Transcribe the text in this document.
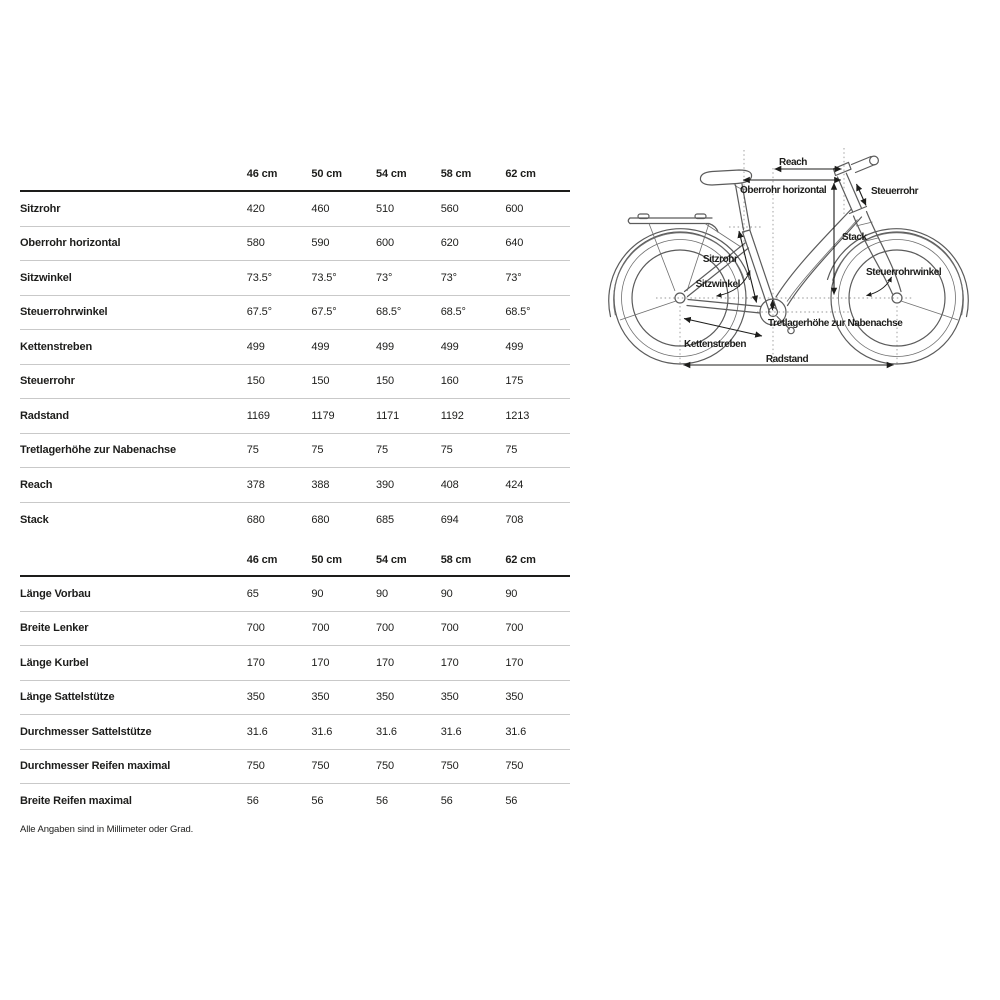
46 cm	50 cm	54 cm	58 cm	62 cm
Sitzrohr	420	460	510	560	600
Oberrohr horizontal	580	590	600	620	640
Sitzwinkel	73.5°	73.5°	73°	73°	73°
Steuerrohrwinkel	67.5°	67.5°	68.5°	68.5°	68.5°
Kettenstreben	499	499	499	499	499
Steuerrohr	150	150	150	160	175
Radstand	1169	1179	1171	1192	1213
Tretlagerhöhe zur Nabenachse	75	75	75	75	75
Reach	378	388	390	408	424
Stack	680	680	685	694	708
46 cm	50 cm	54 cm	58 cm	62 cm
Länge Vorbau	65	90	90	90	90
Breite Lenker	700	700	700	700	700
Länge Kurbel	170	170	170	170	170
Länge Sattelstütze	350	350	350	350	350
Durchmesser Sattelstütze	31.6	31.6	31.6	31.6	31.6
Durchmesser Reifen maximal	750	750	750	750	750
Breite Reifen maximal	56	56	56	56	56
Alle Angaben sind in Millimeter oder Grad.
Reach
Oberrohr horizontal	Steuerrohr
Stack
Sitzrohr
Sitzwinkel
Steuerrohrwinkel
Tretlagerhöhe zur Nabenachse
Kettenstreben
Radstand
